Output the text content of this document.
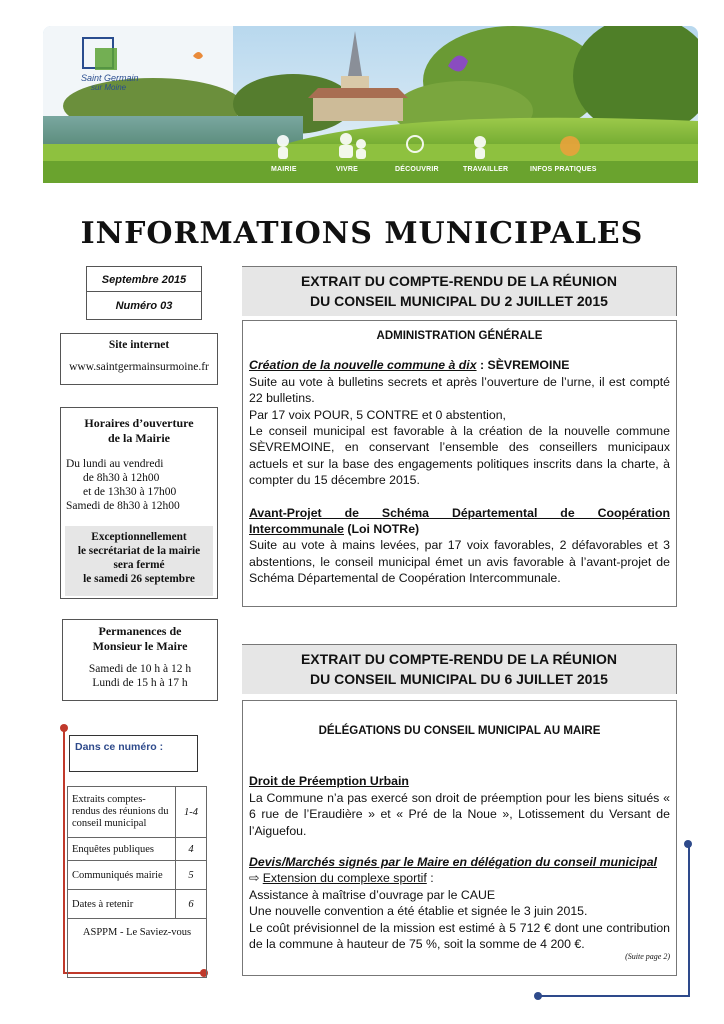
Saint Germain
sur Moine
MAIRIE	VIVRE	DÉCOUVRIR	TRAVAILLER	INFOS PRATIQUES
INFORMATIONS MUNICIPALES
Septembre 2015
Numéro 03
Site internet
www.saintgermainsurmoine.fr
Horaires d’ouverture
de la Mairie
Du lundi au vendredi
de 8h30 à 12h00
et de 13h30 à 17h00
Samedi de 8h30 à 12h00
Exceptionnellement
le secrétariat de la mairie
sera fermé
le samedi 26 septembre
Permanences de
Monsieur le Maire
Samedi de 10 h à 12 h
Lundi de 15 h à 17 h
Dans ce numéro :
Extraits comptes-rendus des réunions du conseil municipal	1-4
Enquêtes publiques	4
Communiqués mairie	5
Dates à retenir	6
ASPPM - Le Saviez-vous	
EXTRAIT DU COMPTE-RENDU DE LA RÉUNION
DU CONSEIL MUNICIPAL DU 2 JUILLET 2015

ADMINISTRATION GÉNÉRALE

Création de la nouvelle commune à dix : SÈVREMOINE

Suite au vote à bulletins secrets et après l’ouverture de l’urne, il est compté 22 bulletins.

Par 17 voix POUR, 5 CONTRE et 0 abstention,

Le conseil municipal est favorable à la création de la nouvelle commune SÈVREMOINE, en conservant l’ensemble des conseillers municipaux actuels et sur la base des engagements politiques inscrits dans la charte, à compter du 15 décembre 2015.

Avant-Projet de Schéma Départemental de Coopération Intercommunale (Loi NOTRe)

Suite au vote à mains levées, par 17 voix favorables, 2 défavorables et 3 abstentions, le conseil municipal émet un avis favorable à l’avant-projet de Schéma Départemental de Coopération Intercommunale.

EXTRAIT DU COMPTE-RENDU DE LA RÉUNION
DU CONSEIL MUNICIPAL DU 6 JUILLET 2015

DÉLÉGATIONS DU CONSEIL MUNICIPAL AU MAIRE

Droit de Préemption Urbain

La Commune n’a pas exercé son droit de préemption pour les biens situés « 6 rue de l’Eraudière » et « Pré de la Noue », Lotissement du Versant de l’Aiguefou.

Devis/Marchés signés par le Maire en délégation du conseil municipal

⇨ Extension du complexe sportif :

Assistance à maîtrise d’ouvrage par le CAUE

Une nouvelle convention a été établie et signée le 3 juin 2015.

Le coût prévisionnel de la mission est estimé à 5 712 € dont une contribution de la commune à hauteur de 75 %, soit la somme de 4 200 €.

(Suite page 2)
